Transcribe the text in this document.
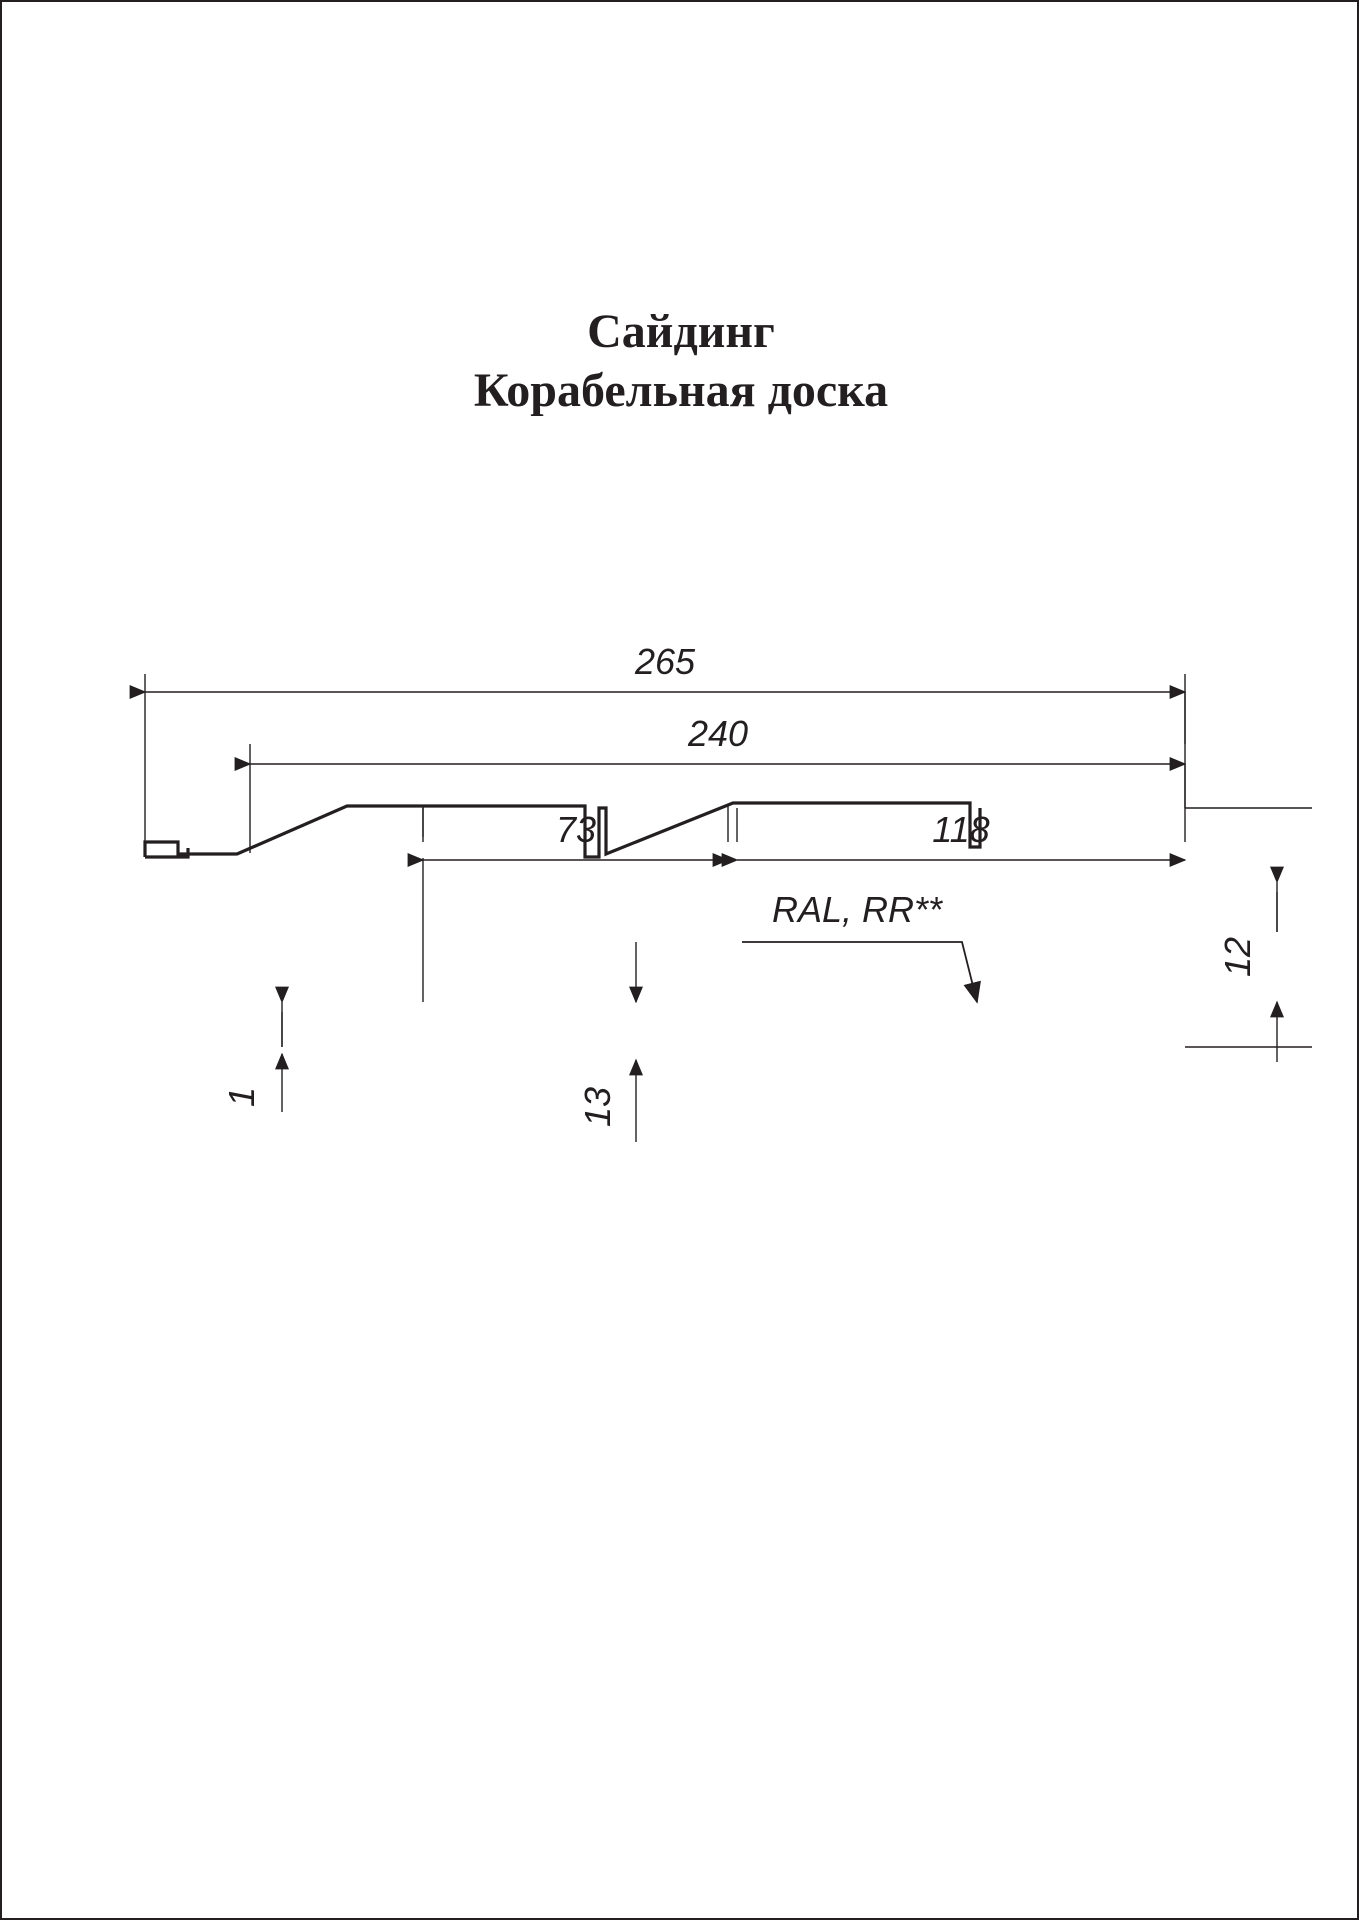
Сайдинг
Корабельная доска
265
240
73	118
1	13
12
RAL, RR**
